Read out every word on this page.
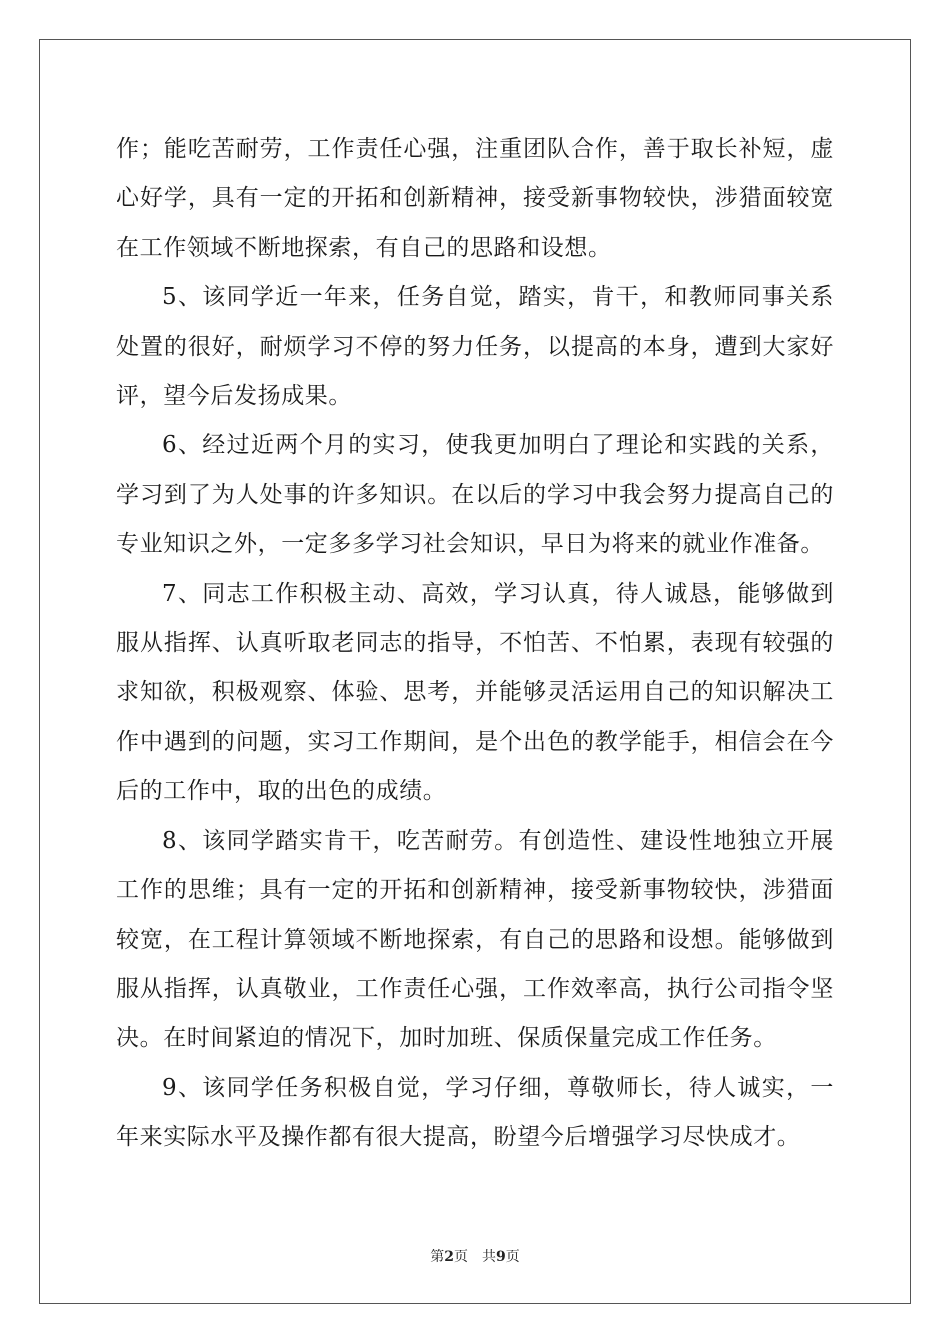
作；能吃苦耐劳，工作责任心强，注重团队合作，善于取长补短，虚心好学，具有一定的开拓和创新精神，接受新事物较快，涉猎面较宽在工作领域不断地探索，有自己的思路和设想。

5、该同学近一年来，任务自觉，踏实，肯干，和教师同事关系处置的很好，耐烦学习不停的努力任务，以提高的本身，遭到大家好评，望今后发扬成果。

6、经过近两个月的实习，使我更加明白了理论和实践的关系，学习到了为人处事的许多知识。在以后的学习中我会努力提高自己的专业知识之外，一定多多学习社会知识，早日为将来的就业作准备。

7、同志工作积极主动、高效，学习认真，待人诚恳，能够做到服从指挥、认真听取老同志的指导，不怕苦、不怕累，表现有较强的求知欲，积极观察、体验、思考，并能够灵活运用自己的知识解决工作中遇到的问题，实习工作期间，是个出色的教学能手，相信会在今后的工作中，取的出色的成绩。

8、该同学踏实肯干，吃苦耐劳。有创造性、建设性地独立开展工作的思维；具有一定的开拓和创新精神，接受新事物较快，涉猎面较宽，在工程计算领域不断地探索，有自己的思路和设想。能够做到服从指挥，认真敬业，工作责任心强，工作效率高，执行公司指令坚决。在时间紧迫的情况下，加时加班、保质保量完成工作任务。

9、该同学任务积极自觉，学习仔细，尊敬师长，待人诚实，一年来实际水平及操作都有很大提高，盼望今后增强学习尽快成才。

第2页 共9页
